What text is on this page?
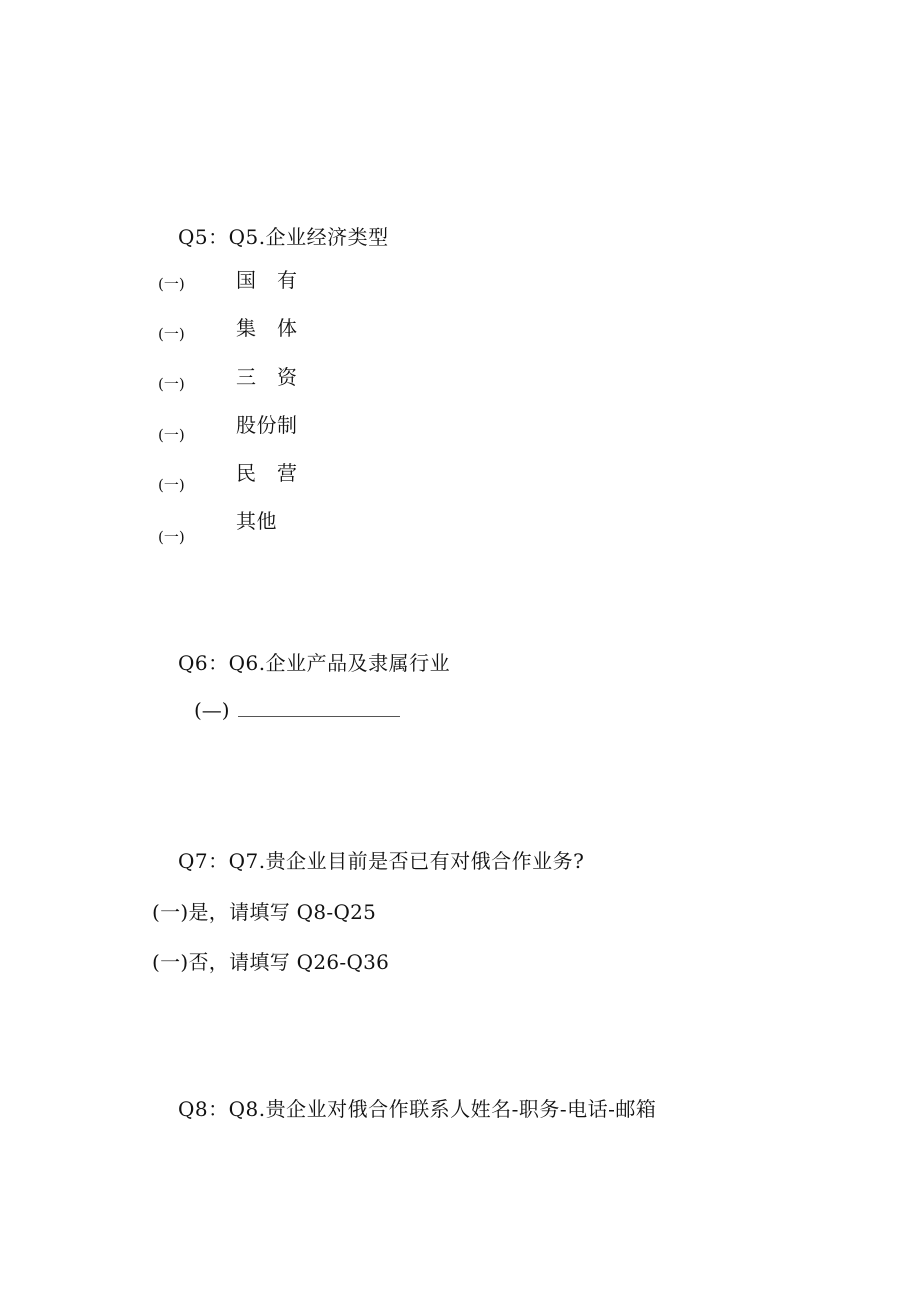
Q5：Q5.企业经济类型
(一)	国　有
(一)	集　体
(一)	三　资
(一)	股份制
(一)	民　营
其他
(一)
Q6：Q6.企业产品及隶属行业
(—)
Q7：Q7.贵企业目前是否已有对俄合作业务?
(一)是，请填写 Q8-Q25
(一)否，请填写 Q26-Q36
Q8：Q8.贵企业对俄合作联系人姓名-职务-电话-邮箱
